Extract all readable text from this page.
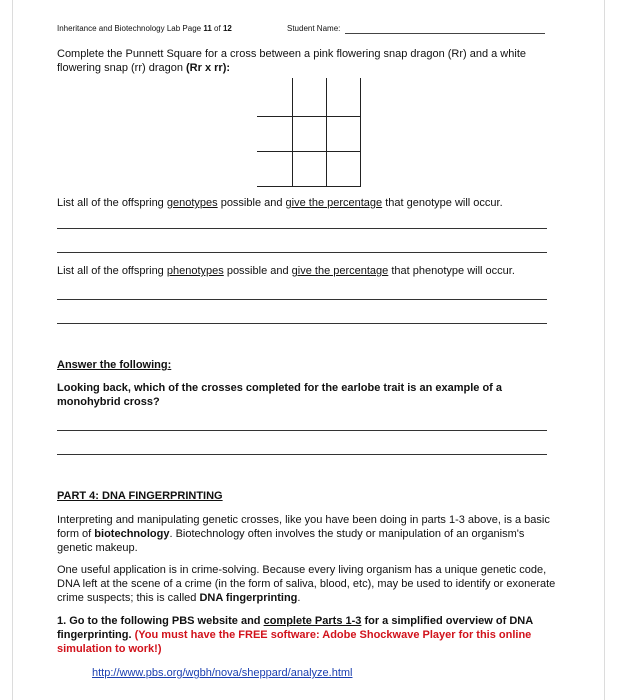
Inheritance and Biotechnology Lab Page 11 of 12	Student Name:
Complete the Punnett Square for a cross between a pink flowering snap dragon (Rr) and a white flowering snap (rr) dragon (Rr x rr):
List all of the offspring genotypes possible and give the percentage that genotype will occur.
List all of the offspring phenotypes possible and give the percentage that phenotype will occur.
Answer the following:
Looking back, which of the crosses completed for the earlobe trait is an example of a monohybrid cross?
PART 4: DNA FINGERPRINTING
Interpreting and manipulating genetic crosses, like you have been doing in parts 1-3 above, is a basic form of biotechnology. Biotechnology often involves the study or manipulation of an organism's genetic makeup.
One useful application is in crime-solving. Because every living organism has a unique genetic code, DNA left at the scene of a crime (in the form of saliva, blood, etc), may be used to identify or exonerate crime suspects; this is called DNA fingerprinting.
1. Go to the following PBS website and complete Parts 1-3 for a simplified overview of DNA fingerprinting. (You must have the FREE software: Adobe Shockwave Player for this online simulation to work!)
http://www.pbs.org/wgbh/nova/sheppard/analyze.html
